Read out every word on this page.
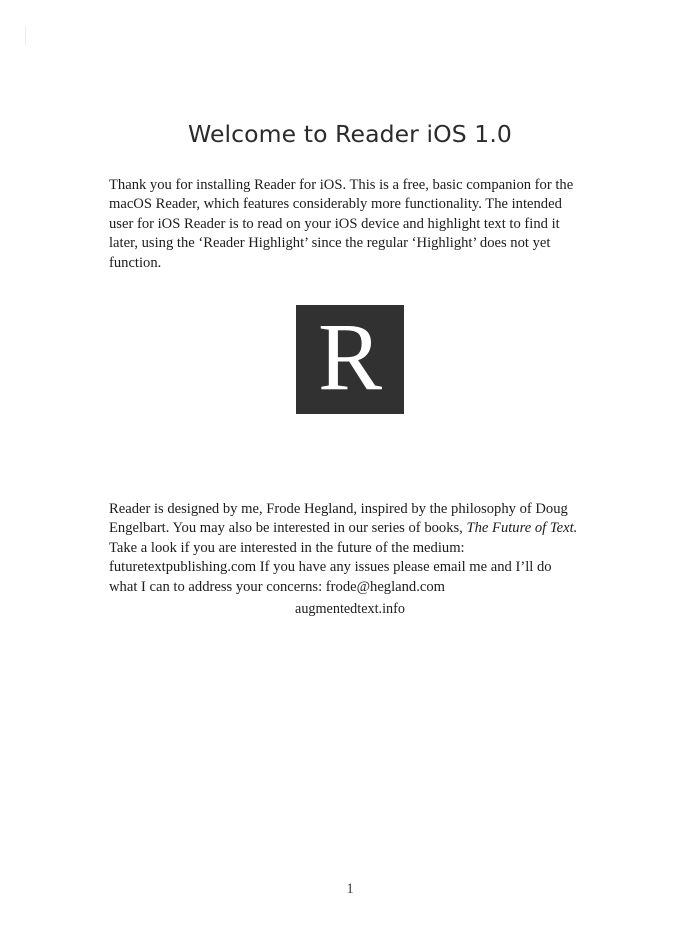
Welcome to Reader iOS 1.0

Thank you for installing Reader for iOS. This is a free, basic companion for the macOS Reader, which features considerably more functionality. The intended user for iOS Reader is to read on your iOS device and highlight text to find it later, using the ‘Reader Highlight’ since the regular ‘Highlight’ does not yet function.

R

Reader is designed by me, Frode Hegland, inspired by the philosophy of Doug Engelbart. You may also be interested in our series of books, The Future of Text. Take a look if you are interested in the future of the medium: futuretextpublishing.com If you have any issues please email me and I’ll do what I can to address your concerns: frode@hegland.com

augmentedtext.info

1
